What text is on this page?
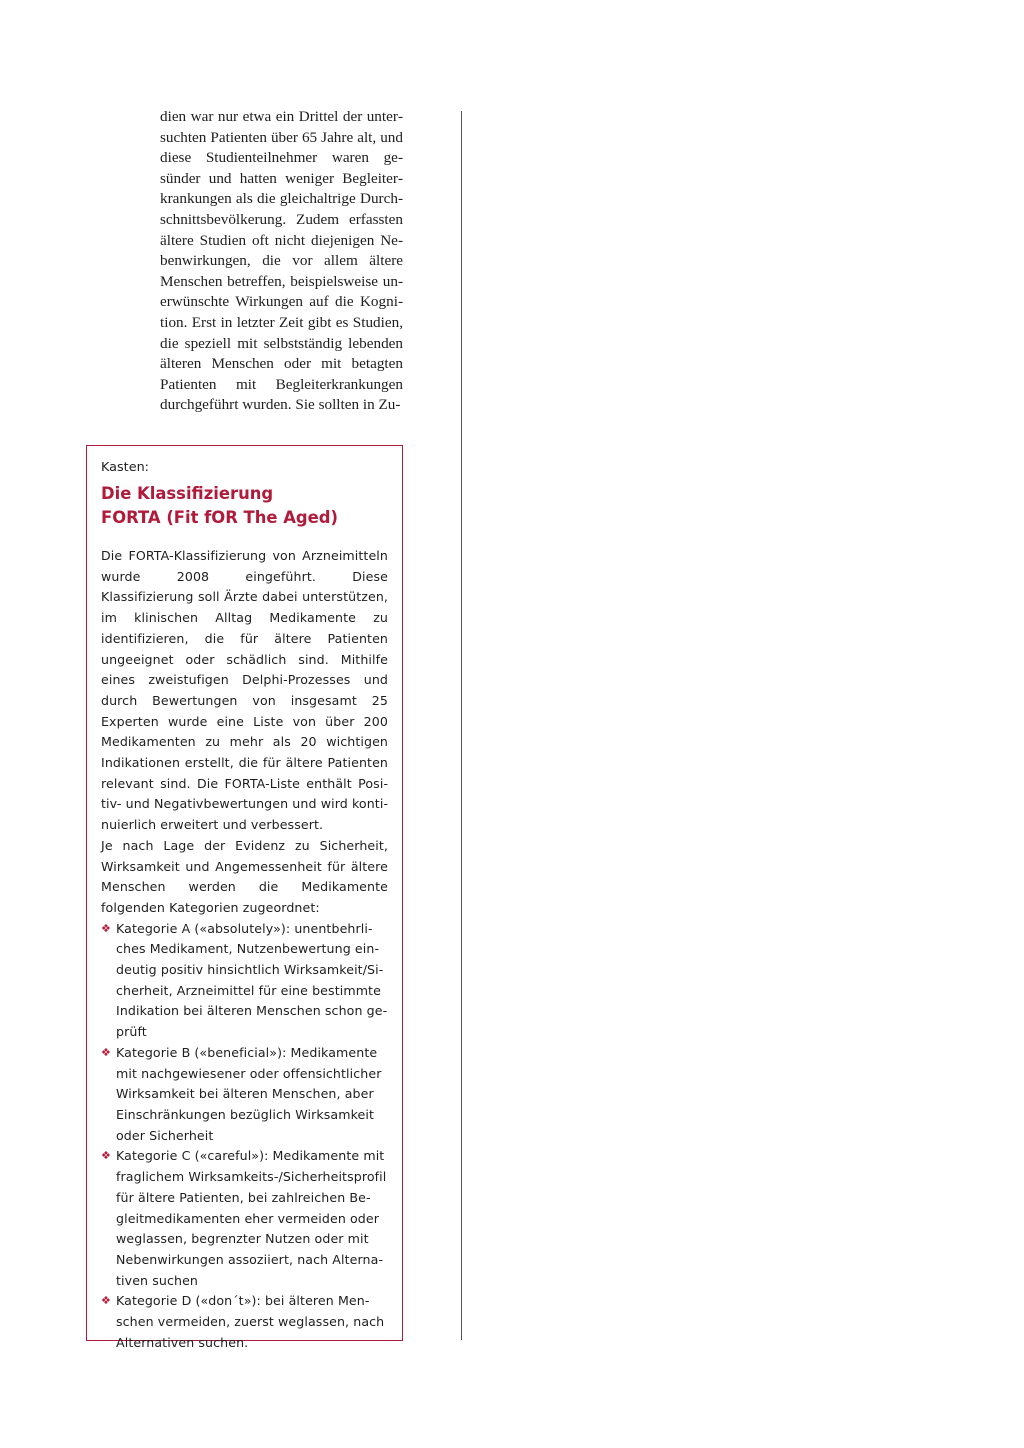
dien war nur etwa ein Drittel der untersuchten Patienten über 65 Jahre alt, und diese Studienteilnehmer waren gesünder und hatten weniger Begleiterkrankungen als die gleichaltrige Durchschnittsbevölkerung. Zudem erfassten ältere Studien oft nicht diejenigen Nebenwirkungen, die vor allem ältere Menschen betreffen, beispielsweise unerwünschte Wirkungen auf die Kognition. Erst in letzter Zeit gibt es Studien, die speziell mit selbstständig lebenden älteren Menschen oder mit betagten Patienten mit Begleiterkrankungen durchgeführt wurden. Sie sollten in Zu-

Kasten:
Die Klassifizierung
FORTA (Fit fOR The Aged)

Die FORTA-Klassifizierung von Arzneimitteln wurde 2008 eingeführt. Diese Klassifizierung soll Ärzte dabei unterstützen, im klinischen Alltag Medikamente zu identifizieren, die für ältere Patienten ungeeignet oder schädlich sind. Mithilfe eines zweistufigen Delphi-Prozesses und durch Bewertungen von insgesamt 25 Experten wurde eine Liste von über 200 Medikamenten zu mehr als 20 wichtigen Indikationen erstellt, die für ältere Patienten relevant sind. Die FORTA-Liste enthält Positiv- und Negativbewertungen und wird kontinuierlich erweitert und verbessert.

Je nach Lage der Evidenz zu Sicherheit, Wirksamkeit und Angemessenheit für ältere Menschen werden die Medikamente folgenden Kategorien zugeordnet:

❖ Kategorie A («absolutely»): unentbehrliches Medikament, Nutzenbewertung eindeutig positiv hinsichtlich Wirksamkeit/Sicherheit, Arzneimittel für eine bestimmte Indikation bei älteren Menschen schon geprüft
❖ Kategorie B («beneficial»): Medikamente mit nachgewiesener oder offensichtlicher Wirksamkeit bei älteren Menschen, aber Einschränkungen bezüglich Wirksamkeit oder Sicherheit
❖ Kategorie C («careful»): Medikamente mit fraglichem Wirksamkeits-/Sicherheitsprofil für ältere Patienten, bei zahlreichen Begleitmedikamenten eher vermeiden oder weglassen, begrenzter Nutzen oder mit Nebenwirkungen assoziiert, nach Alternativen suchen
❖ Kategorie D («don´t»): bei älteren Menschen vermeiden, zuerst weglassen, nach Alternativen suchen.
